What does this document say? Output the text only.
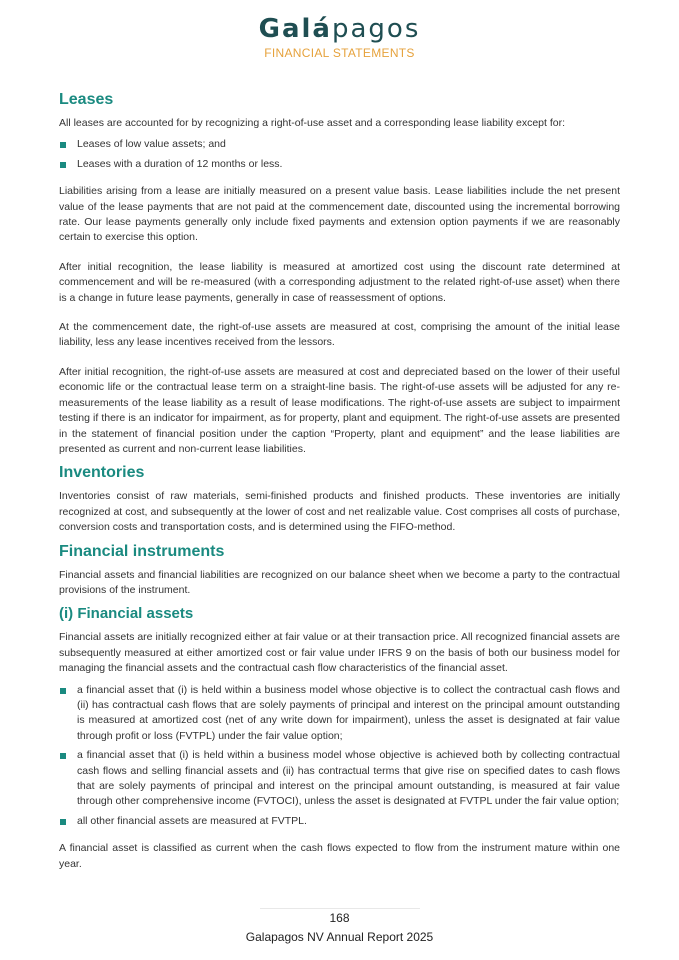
Galápagos
FINANCIAL STATEMENTS
Leases

All leases are accounted for by recognizing a right-of-use asset and a corresponding lease liability except for:

Leases of low value assets; and
Leases with a duration of 12 months or less.

Liabilities arising from a lease are initially measured on a present value basis. Lease liabilities include the net present value of the lease payments that are not paid at the commencement date, discounted using the incremental borrowing rate. Our lease payments generally only include fixed payments and extension option payments if we are reasonably certain to exercise this option.

After initial recognition, the lease liability is measured at amortized cost using the discount rate determined at commencement and will be re-measured (with a corresponding adjustment to the related right-of-use asset) when there is a change in future lease payments, generally in case of reassessment of options.

At the commencement date, the right-of-use assets are measured at cost, comprising the amount of the initial lease liability, less any lease incentives received from the lessors.

After initial recognition, the right-of-use assets are measured at cost and depreciated based on the lower of their useful economic life or the contractual lease term on a straight-line basis. The right-of-use assets will be adjusted for any re-measurements of the lease liability as a result of lease modifications. The right-of-use assets are subject to impairment testing if there is an indicator for impairment, as for property, plant and equipment. The right-of-use assets are presented in the statement of financial position under the caption “Property, plant and equipment” and the lease liabilities are presented as current and non-current lease liabilities.

Inventories

Inventories consist of raw materials, semi-finished products and finished products. These inventories are initially recognized at cost, and subsequently at the lower of cost and net realizable value. Cost comprises all costs of purchase, conversion costs and transportation costs, and is determined using the FIFO-method.

Financial instruments

Financial assets and financial liabilities are recognized on our balance sheet when we become a party to the contractual provisions of the instrument.

(i) Financial assets

Financial assets are initially recognized either at fair value or at their transaction price. All recognized financial assets are subsequently measured at either amortized cost or fair value under IFRS 9 on the basis of both our business model for managing the financial assets and the contractual cash flow characteristics of the financial asset.

a financial asset that (i) is held within a business model whose objective is to collect the contractual cash flows and (ii) has contractual cash flows that are solely payments of principal and interest on the principal amount outstanding is measured at amortized cost (net of any write down for impairment), unless the asset is designated at fair value through profit or loss (FVTPL) under the fair value option;
a financial asset that (i) is held within a business model whose objective is achieved both by collecting contractual cash flows and selling financial assets and (ii) has contractual terms that give rise on specified dates to cash flows that are solely payments of principal and interest on the principal amount outstanding, is measured at fair value through other comprehensive income (FVTOCI), unless the asset is designated at FVTPL under the fair value option;
all other financial assets are measured at FVTPL.

A financial asset is classified as current when the cash flows expected to flow from the instrument mature within one year.

168
Galapagos NV Annual Report 2025
